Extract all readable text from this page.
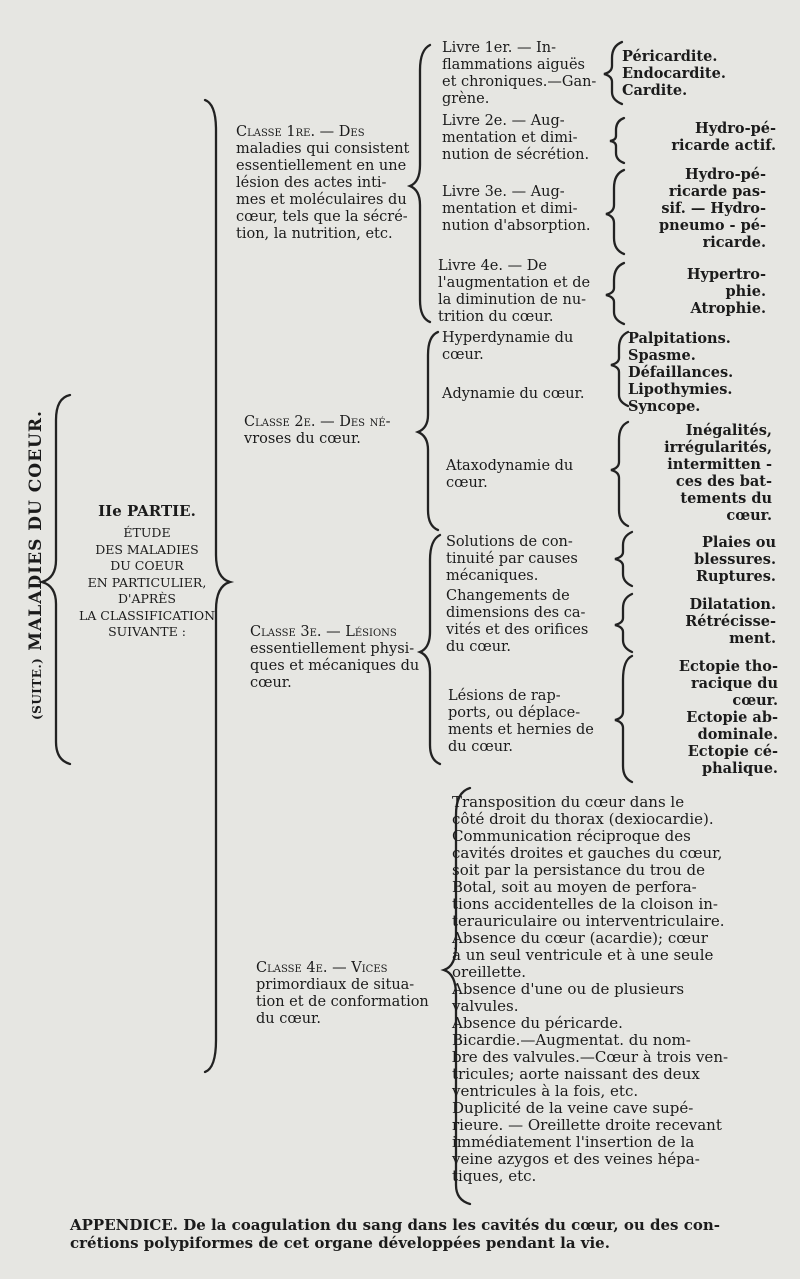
(SUITE.) MALADIES DU COEUR.	IIe PARTIE.
ÉTUDE
DES MALADIES
DU COEUR
EN PARTICULIER,
D'APRÈS
LA CLASSIFICATION
SUIVANTE :
Classe 1re. — Des
maladies qui consistent
essentiellement en une
lésion des actes inti-
mes et moléculaires du
cœur, tels que la sécré-
tion, la nutrition, etc.
Classe 2e. — Des né-
vroses du cœur.
Classe 3e. — Lésions
essentiellement physi-
ques et mécaniques du
cœur.
Classe 4e. — Vices
primordiaux de situa-
tion et de conformation
du cœur.
Livre 1er. — In-
flammations aiguës
et chroniques.—Gan-
grène.
Livre 2e. — Aug-
mentation et dimi-
nution de sécrétion.
Livre 3e. — Aug-
mentation et dimi-
nution d'absorption.
Livre 4e. — De
l'augmentation et de
la diminution de nu-
trition du cœur.
Hyperdynamie du
cœur.
Adynamie du cœur.
Ataxodynamie du
cœur.
Solutions de con-
tinuité par causes
mécaniques.
Changements de
dimensions des ca-
vités et des orifices
du cœur.
Lésions de rap-
ports, ou déplace-
ments et hernies de
du cœur.
Péricardite.
Endocardite.
Cardite.
Hydro-pé-
ricarde actif.
Hydro-pé-
ricarde pas-
sif. — Hydro-
pneumo - pé-
ricarde.
Hypertro-
phie.
Atrophie.
Palpitations.
Spasme.
Défaillances.
Lipothymies.
Syncope.
Inégalités,
irrégularités,
intermitten -
ces des bat-
tements du
cœur.
Plaies ou
blessures.
Ruptures.
Dilatation.
Rétrécisse-
ment.
Ectopie tho-
racique du
cœur.
Ectopie ab-
dominale.
Ectopie cé-
phalique.
Transposition du cœur dans le
côté droit du thorax (dexiocardie).
Communication réciproque des
cavités droites et gauches du cœur,
soit par la persistance du trou de
Botal, soit au moyen de perfora-
tions accidentelles de la cloison in-
terauriculaire ou interventriculaire.
Absence du cœur (acardie); cœur
à un seul ventricule et à une seule
oreillette.
Absence d'une ou de plusieurs
valvules.
Absence du péricarde.
Bicardie.—Augmentat. du nom-
bre des valvules.—Cœur à trois ven-
tricules; aorte naissant des deux
ventricules à la fois, etc.
Duplicité de la veine cave supé-
rieure. — Oreillette droite recevant
immédiatement l'insertion de la
veine azygos et des veines hépa-
tiques, etc.
APPENDICE. De la coagulation du sang dans les cavités du cœur, ou des con-
crétions polypiformes de cet organe développées pendant la vie.
